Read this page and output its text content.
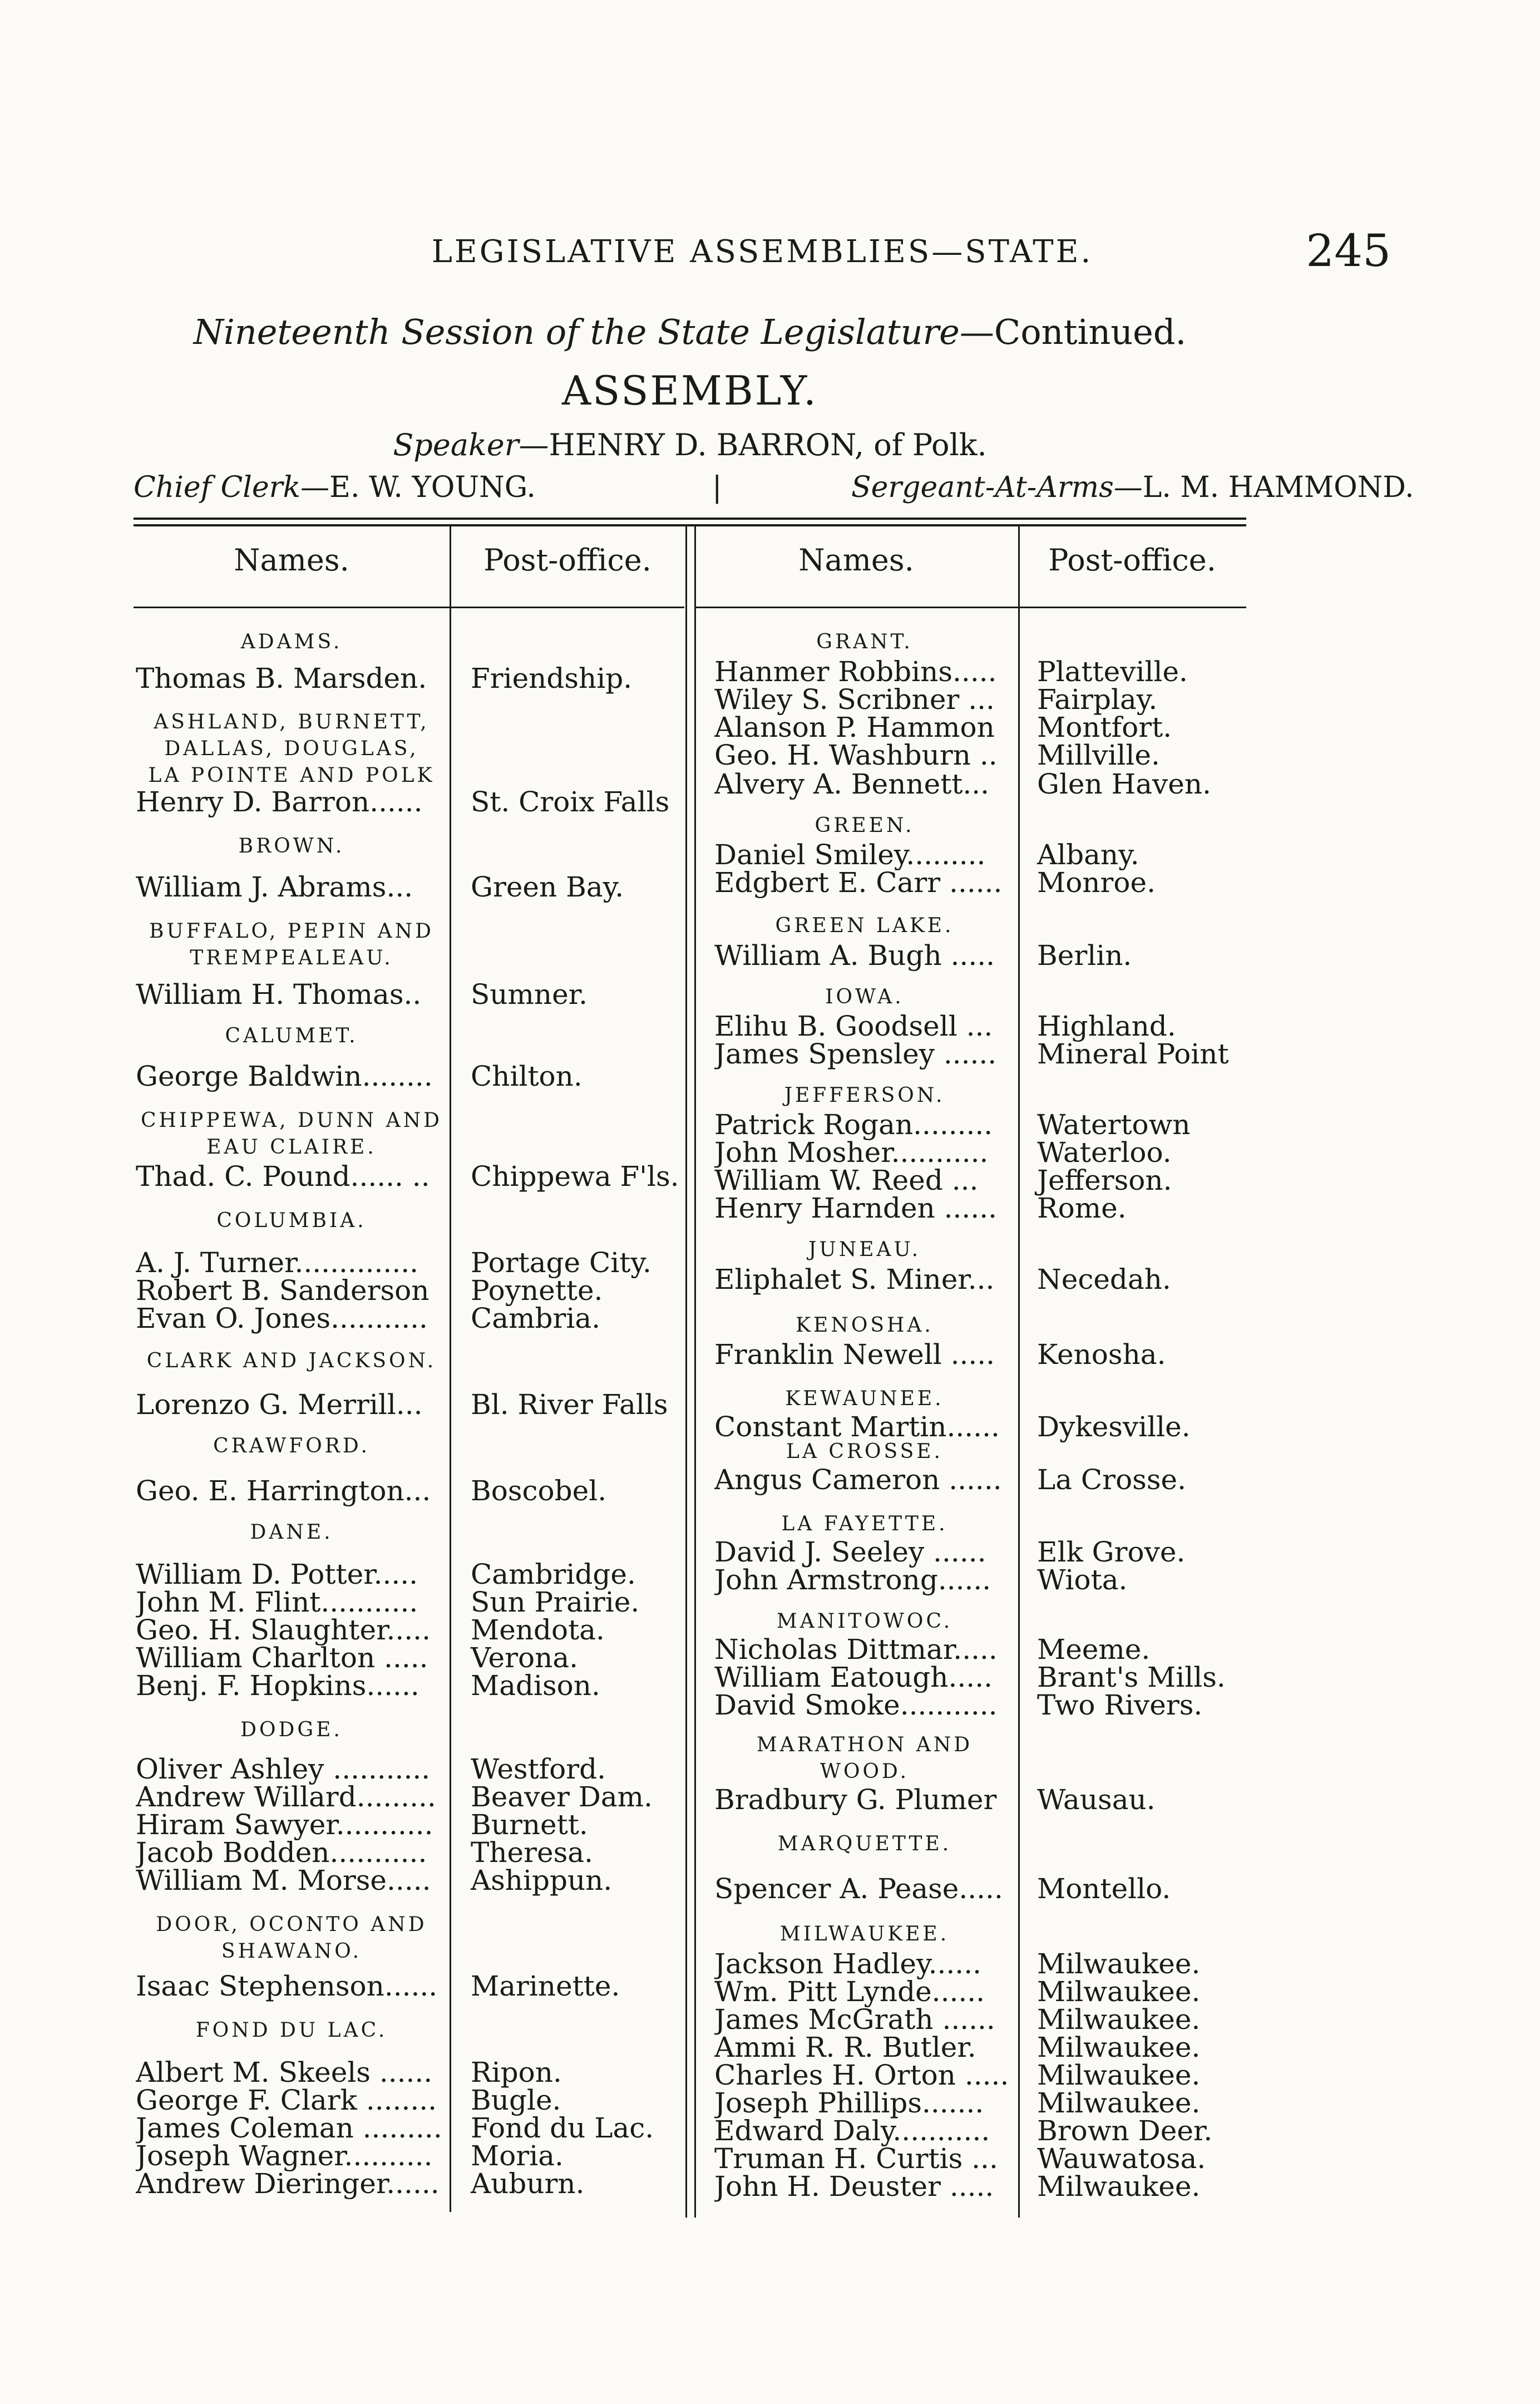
LEGISLATIVE ASSEMBLIES—STATE.	245
Nineteenth Session of the State Legislature—Continued.
ASSEMBLY.
Speaker—HENRY D. BARRON, of Polk.
Chief Clerk—E. W. YOUNG.	|	Sergeant-At-Arms—L. M. HAMMOND.
Names.	Post-office.	Names.	Post-office.
ADAMS.
Thomas B. Marsden.	Friendship.
ASHLAND, BURNETT,
DALLAS, DOUGLAS,
LA POINTE AND POLK
Henry D. Barron......	St. Croix Falls
BROWN.
William J. Abrams...	Green Bay.
BUFFALO, PEPIN AND
TREMPEALEAU.
William H. Thomas..	Sumner.
CALUMET.
George Baldwin........	Chilton.
CHIPPEWA, DUNN AND
EAU CLAIRE.
Thad. C. Pound...... ..	Chippewa F'ls.
COLUMBIA.
A. J. Turner..............	Portage City.
Robert B. Sanderson	Poynette.
Evan O. Jones...........	Cambria.
CLARK AND JACKSON.
Lorenzo G. Merrill...	Bl. River Falls
CRAWFORD.
Geo. E. Harrington...	Boscobel.
DANE.
William D. Potter.....	Cambridge.
John M. Flint...........	Sun Prairie.
Geo. H. Slaughter.....	Mendota.
William Charlton .....	Verona.
Benj. F. Hopkins......	Madison.
DODGE.
Oliver Ashley ...........	Westford.
Andrew Willard.........	Beaver Dam.
Hiram Sawyer...........	Burnett.
Jacob Bodden...........	Theresa.
William M. Morse.....	Ashippun.
DOOR, OCONTO AND
SHAWANO.
Isaac Stephenson......	Marinette.
FOND DU LAC.
Albert M. Skeels ......	Ripon.
George F. Clark ........	Bugle.
James Coleman ......... Fond du Lac.
Joseph Wagner..........	Moria.
Andrew Dieringer...... Auburn.
GRANT.
Hanmer Robbins.....	Platteville.
Wiley S. Scribner ...	Fairplay.
Alanson P. Hammon	Montfort.
Geo. H. Washburn ..	Millville.
Alvery A. Bennett...	Glen Haven.
GREEN.
Daniel Smiley.........	Albany.
Edgbert E. Carr ......	Monroe.
GREEN LAKE.
William A. Bugh .....	Berlin.
IOWA.
Elihu B. Goodsell ...	Highland.
James Spensley ......	Mineral Point
JEFFERSON.
Patrick Rogan.........	Watertown
John Mosher...........	Waterloo.
William W. Reed ...	Jefferson.
Henry Harnden ......	Rome.
JUNEAU.
Eliphalet S. Miner...	Necedah.
KENOSHA.
Franklin Newell .....	Kenosha.
KEWAUNEE.
Constant Martin......	Dykesville.
LA CROSSE.
Angus Cameron ......	La Crosse.
LA FAYETTE.
David J. Seeley ......	Elk Grove.
John Armstrong......	Wiota.
MANITOWOC.
Nicholas Dittmar.....	Meeme.
William Eatough.....	Brant's Mills.
David Smoke...........	Two Rivers.
MARATHON AND
WOOD.
Bradbury G. Plumer	Wausau.
MARQUETTE.
Spencer A. Pease.....	Montello.
MILWAUKEE.
Jackson Hadley......	Milwaukee.
Wm. Pitt Lynde......	Milwaukee.
James McGrath ......	Milwaukee.
Ammi R. R. Butler.	Milwaukee.
Charles H. Orton ..... Milwaukee.
Joseph Phillips.......	Milwaukee.
Edward Daly...........	Brown Deer.
Truman H. Curtis ...	Wauwatosa.
John H. Deuster .....	Milwaukee.
